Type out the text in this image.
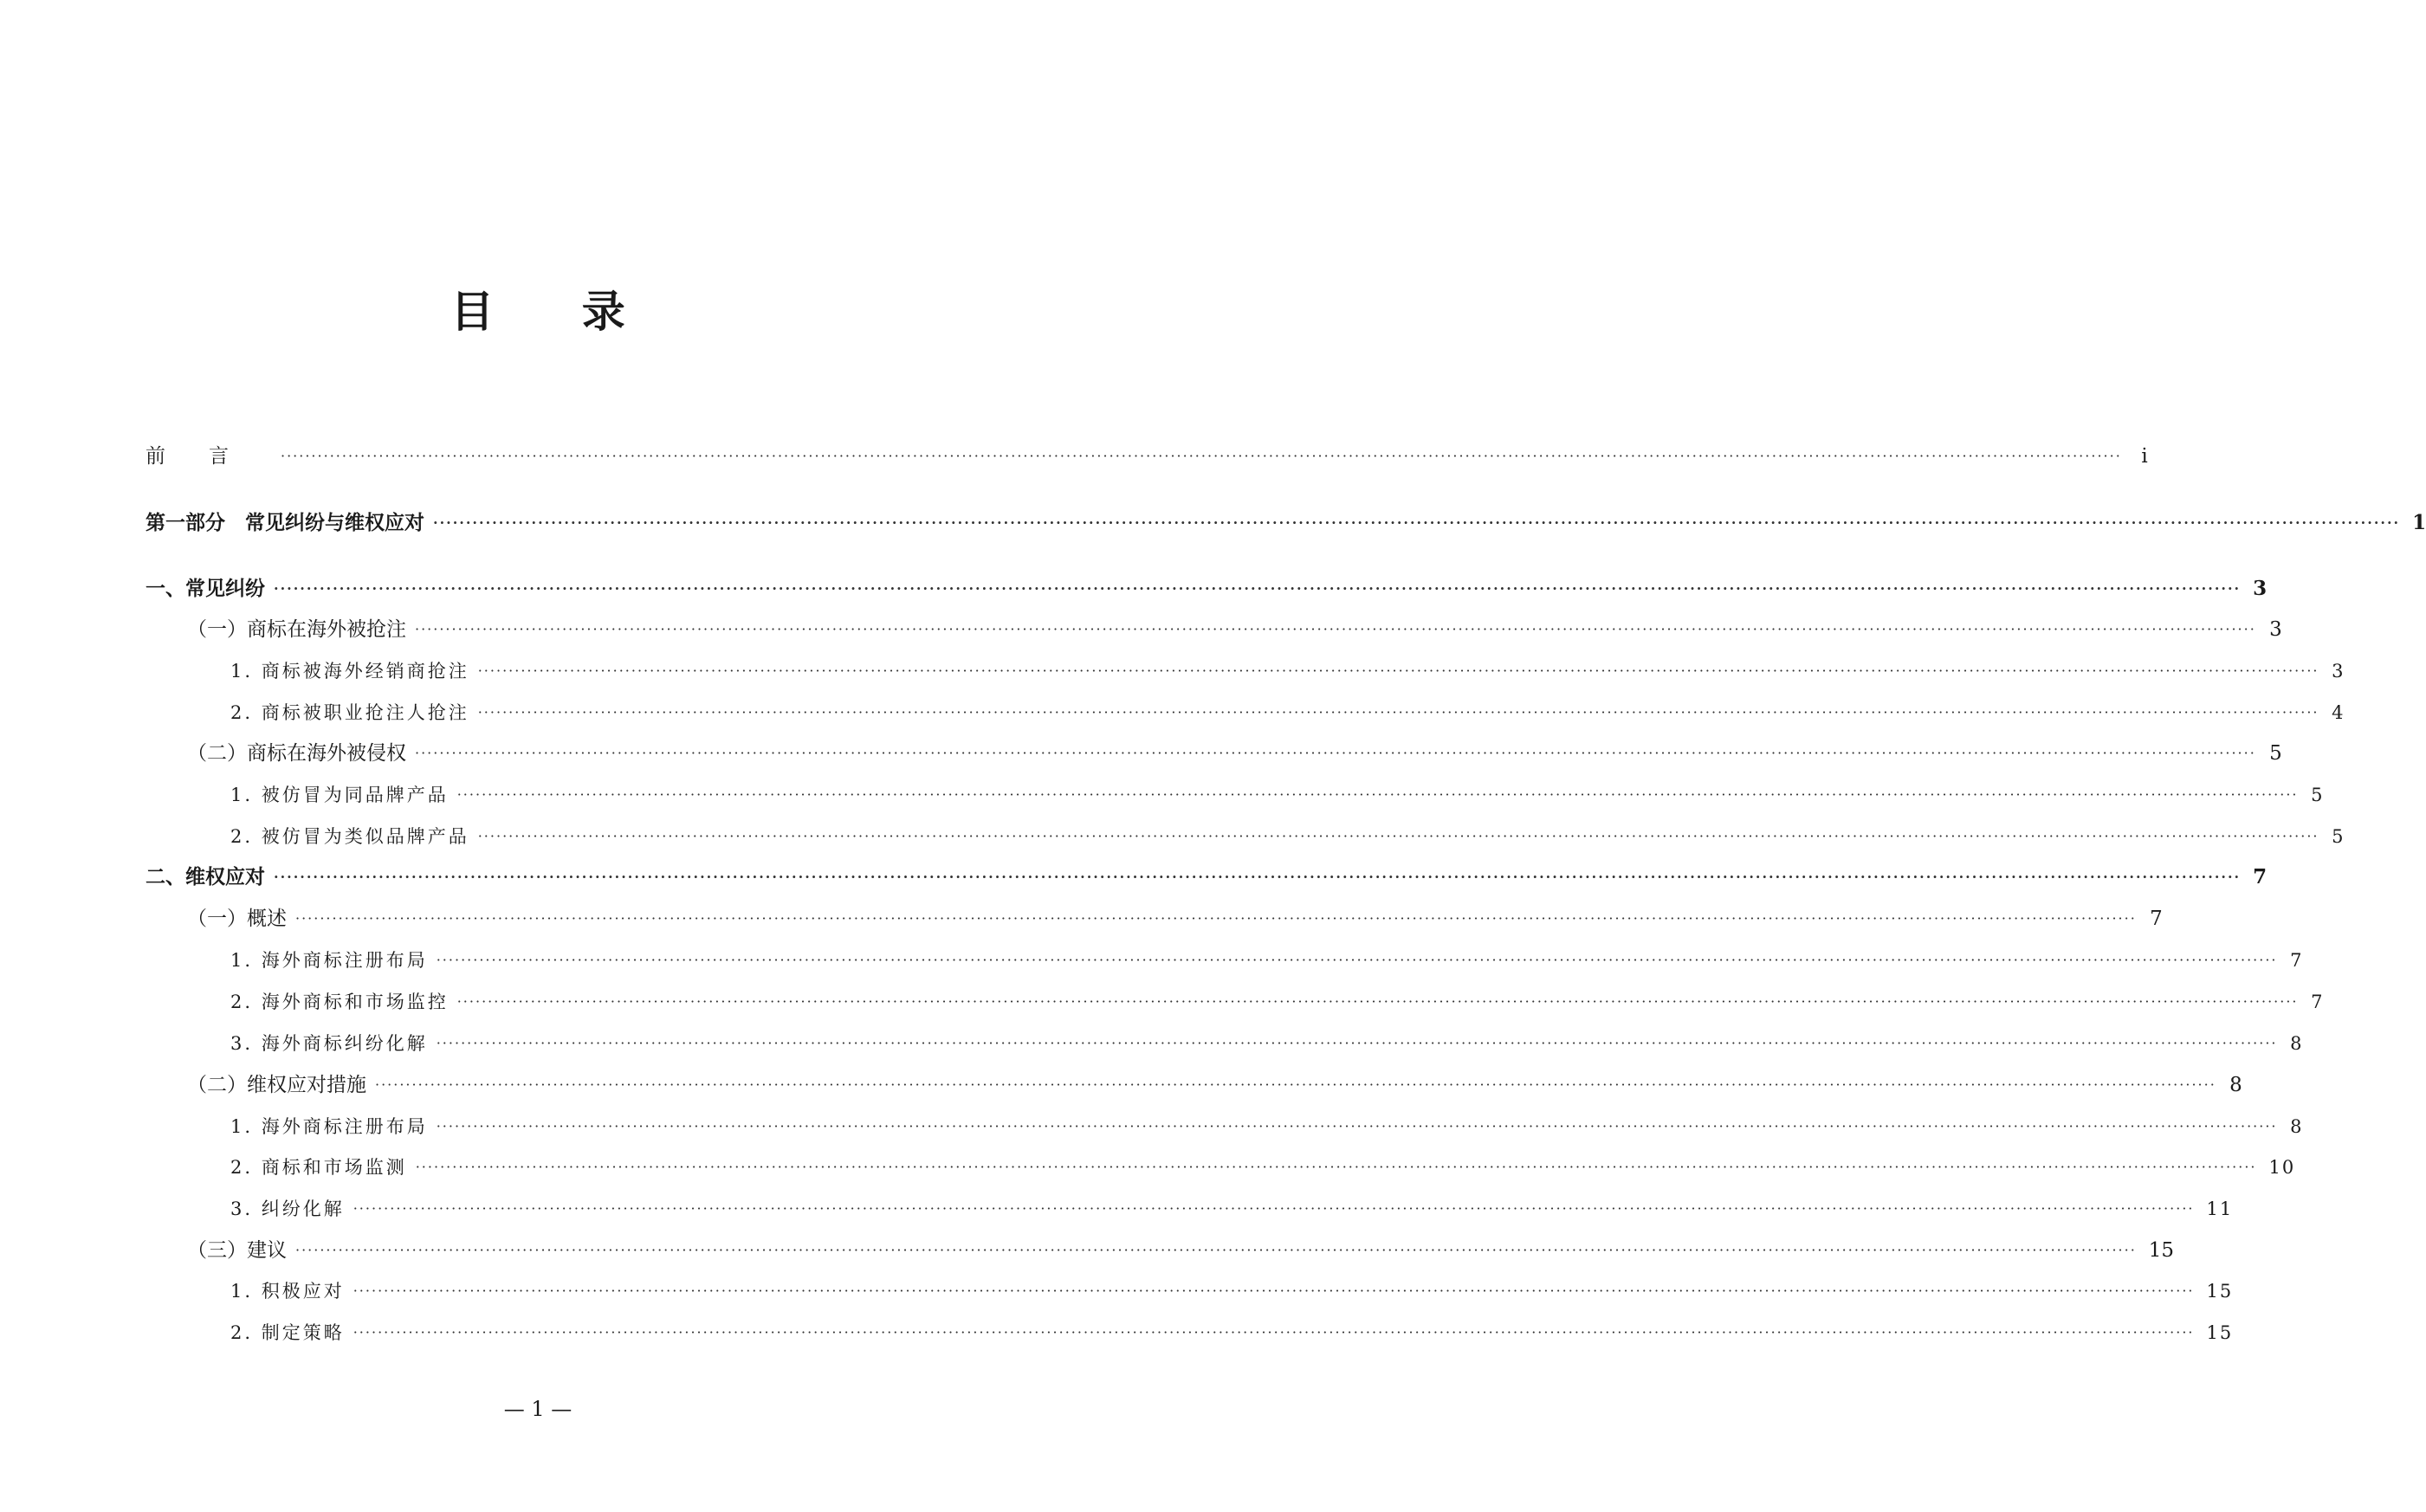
目 录
前言 ············································································································································································································································································································ i
第一部分　常见纠纷与维权应对 ············································································································································································································································································································ 1
一、常见纠纷 ············································································································································································································································································································ 3
（一）商标在海外被抢注 ············································································································································································································································································································ 3
1. 商标被海外经销商抢注 ············································································································································································································································································································ 3
2. 商标被职业抢注人抢注 ············································································································································································································································································································ 4
（二）商标在海外被侵权 ············································································································································································································································································································ 5
1. 被仿冒为同品牌产品 ············································································································································································································································································································ 5
2. 被仿冒为类似品牌产品 ············································································································································································································································································································ 5
二、维权应对 ············································································································································································································································································································ 7
（一）概述 ············································································································································································································································································································ 7
1. 海外商标注册布局 ············································································································································································································································································································ 7
2. 海外商标和市场监控 ············································································································································································································································································································ 7
3. 海外商标纠纷化解 ············································································································································································································································································································ 8
（二）维权应对措施 ············································································································································································································································································································ 8
1. 海外商标注册布局 ············································································································································································································································································································ 8
2. 商标和市场监测 ············································································································································································································································································································ 10
3. 纠纷化解 ············································································································································································································································································································ 11
（三）建议 ············································································································································································································································································································ 15
1. 积极应对 ············································································································································································································································································································ 15
2. 制定策略 ············································································································································································································································································································ 15
— 1 —
